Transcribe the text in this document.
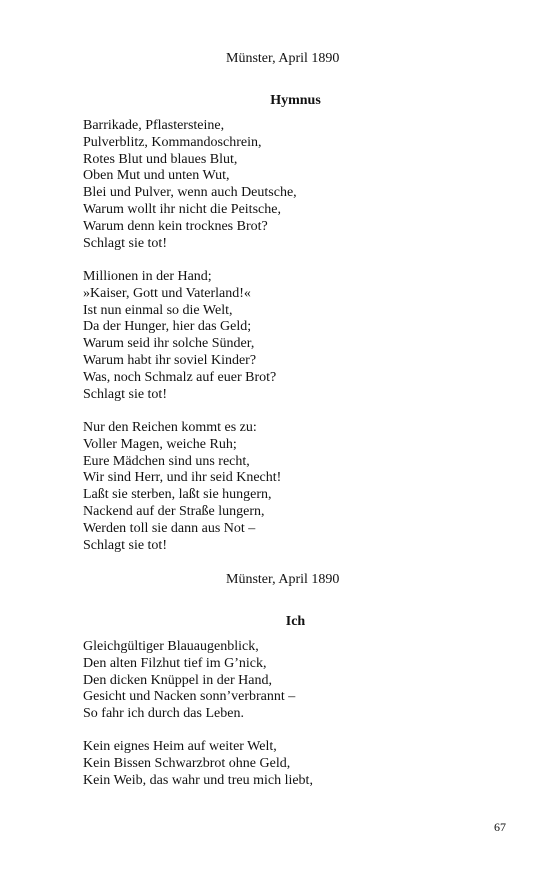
Münster, April 1890
Hymnus
Barrikade, Pflastersteine,
Pulverblitz, Kommandoschrein,
Rotes Blut und blaues Blut,
Oben Mut und unten Wut,
Blei und Pulver, wenn auch Deutsche,
Warum wollt ihr nicht die Peitsche,
Warum denn kein trocknes Brot?
Schlagt sie tot!
Millionen in der Hand;
»Kaiser, Gott und Vaterland!«
Ist nun einmal so die Welt,
Da der Hunger, hier das Geld;
Warum seid ihr solche Sünder,
Warum habt ihr soviel Kinder?
Was, noch Schmalz auf euer Brot?
Schlagt sie tot!
Nur den Reichen kommt es zu:
Voller Magen, weiche Ruh;
Eure Mädchen sind uns recht,
Wir sind Herr, und ihr seid Knecht!
Laßt sie sterben, laßt sie hungern,
Nackend auf der Straße lungern,
Werden toll sie dann aus Not –
Schlagt sie tot!
Münster, April 1890
Ich
Gleichgültiger Blauaugenblick,
Den alten Filzhut tief im G’nick,
Den dicken Knüppel in der Hand,
Gesicht und Nacken sonn’verbrannt –
So fahr ich durch das Leben.
Kein eignes Heim auf weiter Welt,
Kein Bissen Schwarzbrot ohne Geld,
Kein Weib, das wahr und treu mich liebt,
67
